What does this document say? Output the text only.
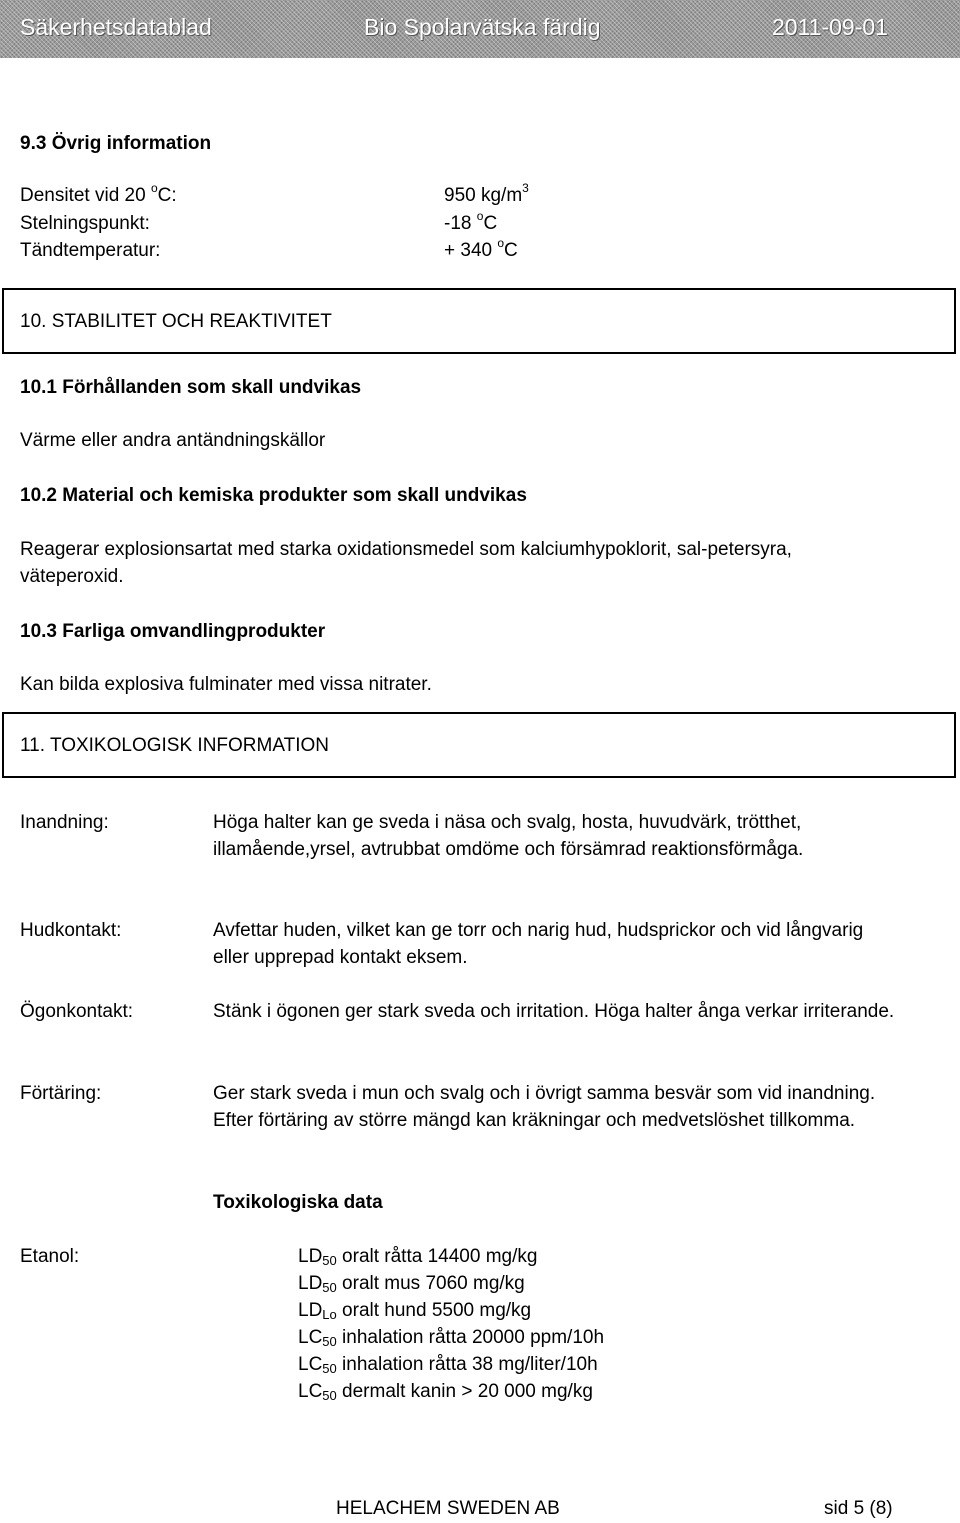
Säkerhetsdatablad	Bio Spolarvätska färdig	2011-09-01
9.3 Övrig information
Densitet vid 20 $^o$C:	950 $kg/m^3$
Stelningspunkt:	-18 $^o$C
Tändtemperatur:	+ 340 $^o$C
10. STABILITET OCH REAKTIVITET
10.1 Förhållanden som skall undvikas
Värme eller andra antändningskällor
10.2 Material och kemiska produkter som skall undvikas
Reagerar explosionsartat med starka oxidationsmedel som kalciumhypoklorit, sal-petersyra, väteperoxid.
10.3 Farliga omvandlingprodukter
Kan bilda explosiva fulminater med vissa nitrater.
11. TOXIKOLOGISK INFORMATION
Inandning:	Höga halter kan ge sveda i näsa och svalg, hosta, huvudvärk, trötthet, illamående,yrsel, avtrubbat omdöme och försämrad reaktionsförmåga.
Hudkontakt:	Avfettar huden, vilket kan ge torr och narig hud, hudsprickor och vid långvarig eller upprepad kontakt eksem.
Ögonkontakt:	Stänk i ögonen ger stark sveda och irritation. Höga halter ånga verkar irriterande.
Förtäring:	Ger stark sveda i mun och svalg och i övrigt samma besvär som vid inandning. Efter förtäring av större mängd kan kräkningar och medvetslöshet tillkomma.
Toxikologiska data
Etanol:	$LD_{50}$ oralt råtta 14400 mg/kg
$LD_{50}$ oralt mus 7060 mg/kg
$LD_{Lo}$ oralt hund 5500 mg/kg
$LC_{50}$ inhalation råtta 20000 ppm/10h
$LC_{50}$ inhalation råtta 38 mg/liter/10h
$LC_{50}$ dermalt kanin > 20 000 mg/kg
HELACHEM SWEDEN AB	sid 5 (8)
